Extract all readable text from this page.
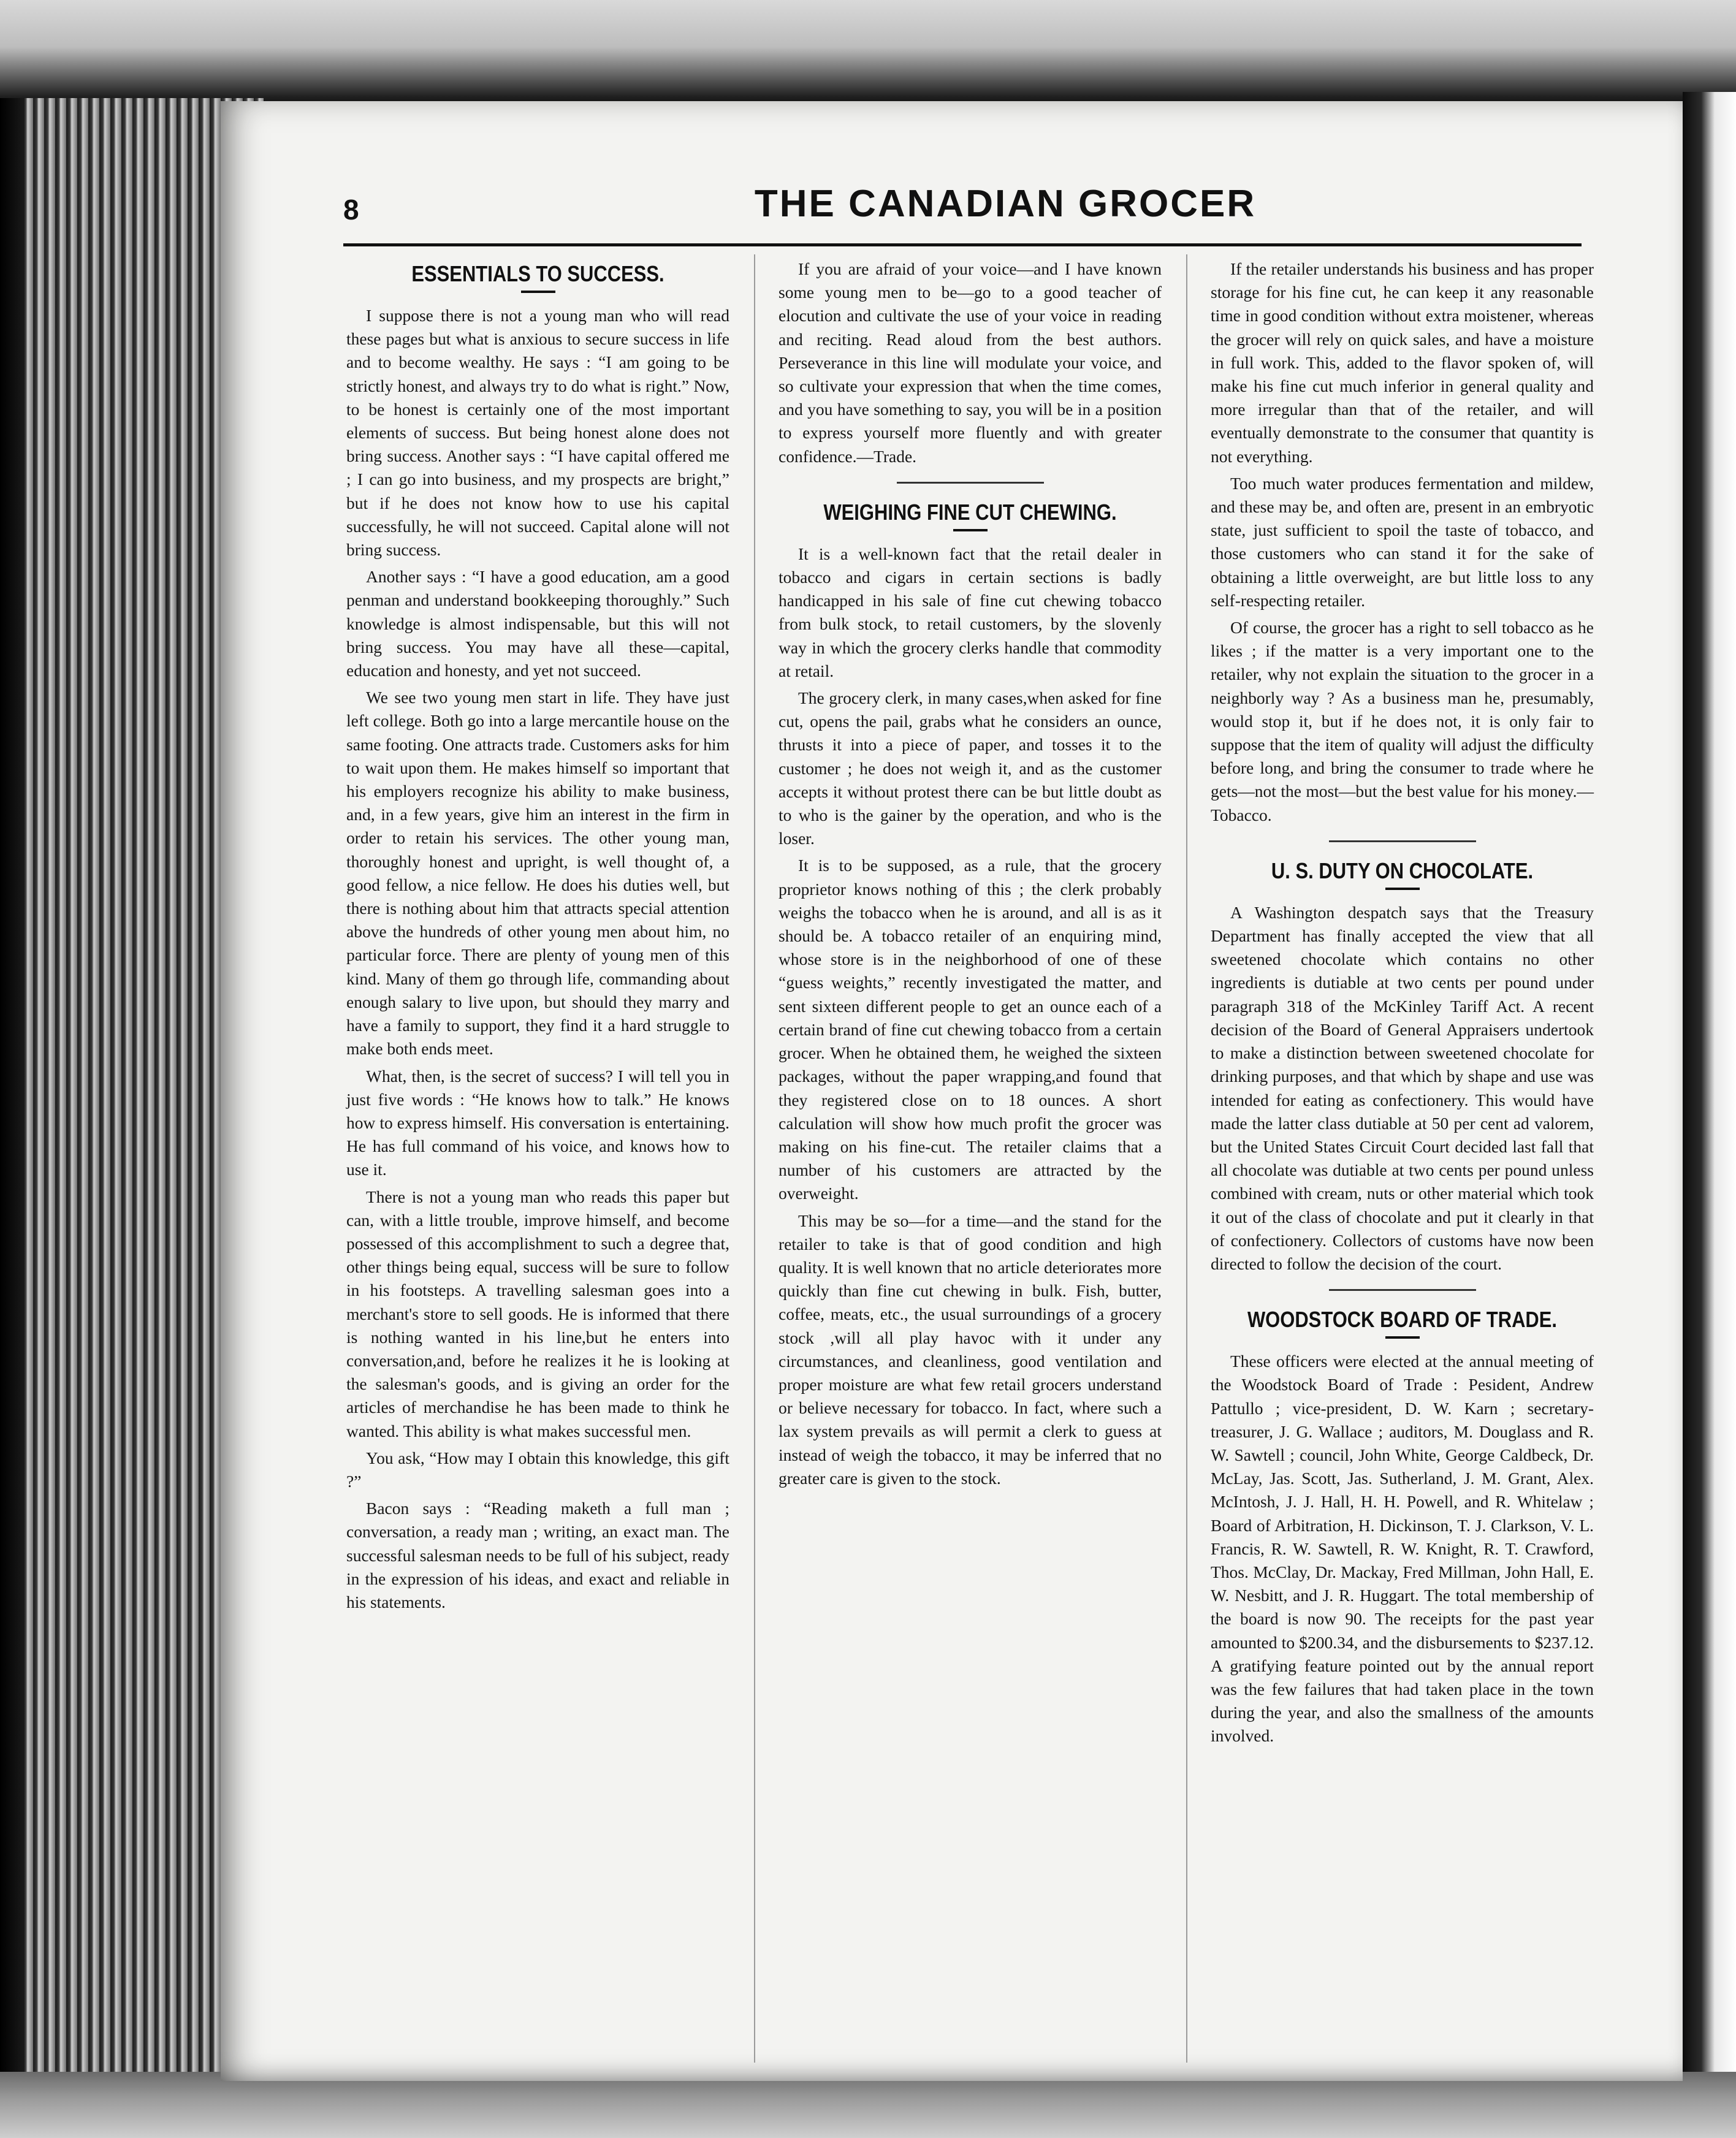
8	THE CANADIAN GROCER
ESSENTIALS TO SUCCESS.

I suppose there is not a young man who will read these pages but what is anxious to secure success in life and to become wealthy. He says : “I am going to be strictly honest, and always try to do what is right.” Now, to be honest is certainly one of the most important elements of success. But being honest alone does not bring success. Another says : “I have capital offered me ; I can go into business, and my prospects are bright,” but if he does not know how to use his capital successfully, he will not succeed. Capital alone will not bring success.

Another says : “I have a good education, am a good penman and understand bookkeeping thoroughly.” Such knowledge is almost indispensable, but this will not bring success. You may have all these—capital, education and honesty, and yet not succeed.

We see two young men start in life. They have just left college. Both go into a large mercantile house on the same footing. One attracts trade. Customers asks for him to wait upon them. He makes himself so important that his employers recognize his ability to make business, and, in a few years, give him an interest in the firm in order to retain his services. The other young man, thoroughly honest and upright, is well thought of, a good fellow, a nice fellow. He does his duties well, but there is nothing about him that attracts special attention above the hundreds of other young men about him, no particular force. There are plenty of young men of this kind. Many of them go through life, commanding about enough salary to live upon, but should they marry and have a family to support, they find it a hard struggle to make both ends meet.

What, then, is the secret of success? I will tell you in just five words : “He knows how to talk.” He knows how to express himself. His conversation is entertaining. He has full command of his voice, and knows how to use it.

There is not a young man who reads this paper but can, with a little trouble, improve himself, and become possessed of this accomplishment to such a degree that, other things being equal, success will be sure to follow in his footsteps. A travelling salesman goes into a merchant's store to sell goods. He is informed that there is nothing wanted in his line,but he enters into conversation,and, before he realizes it he is looking at the salesman's goods, and is giving an order for the articles of merchandise he has been made to think he wanted. This ability is what makes successful men.

You ask, “How may I obtain this knowledge, this gift ?”

Bacon says : “Reading maketh a full man ; conversation, a ready man ; writing, an exact man. The successful salesman needs to be full of his subject, ready in the expression of his ideas, and exact and reliable in his statements.

If you are afraid of your voice—and I have known some young men to be—go to a good teacher of elocution and cultivate the use of your voice in reading and reciting. Read aloud from the best authors. Perseverance in this line will modulate your voice, and so cultivate your expression that when the time comes, and you have something to say, you will be in a position to express yourself more fluently and with greater confidence.—Trade.

WEIGHING FINE CUT CHEWING.

It is a well-known fact that the retail dealer in tobacco and cigars in certain sections is badly handicapped in his sale of fine cut chewing tobacco from bulk stock, to retail customers, by the slovenly way in which the grocery clerks handle that commodity at retail.

The grocery clerk, in many cases,when asked for fine cut, opens the pail, grabs what he considers an ounce, thrusts it into a piece of paper, and tosses it to the customer ; he does not weigh it, and as the customer accepts it without protest there can be but little doubt as to who is the gainer by the operation, and who is the loser.

It is to be supposed, as a rule, that the grocery proprietor knows nothing of this ; the clerk probably weighs the tobacco when he is around, and all is as it should be. A tobacco retailer of an enquiring mind, whose store is in the neighborhood of one of these “guess weights,” recently investigated the matter, and sent sixteen different people to get an ounce each of a certain brand of fine cut chewing tobacco from a certain grocer. When he obtained them, he weighed the sixteen packages, without the paper wrapping,and found that they registered close on to 18 ounces. A short calculation will show how much profit the grocer was making on his fine-cut. The retailer claims that a number of his customers are attracted by the overweight.

This may be so—for a time—and the stand for the retailer to take is that of good condition and high quality. It is well known that no article deteriorates more quickly than fine cut chewing in bulk. Fish, butter, coffee, meats, etc., the usual surroundings of a grocery stock ,will all play havoc with it under any circumstances, and cleanliness, good ventilation and proper moisture are what few retail grocers understand or believe necessary for tobacco. In fact, where such a lax system prevails as will permit a clerk to guess at instead of weigh the tobacco, it may be inferred that no greater care is given to the stock.

If the retailer understands his business and has proper storage for his fine cut, he can keep it any reasonable time in good condition without extra moistener, whereas the grocer will rely on quick sales, and have a moisture in full work. This, added to the flavor spoken of, will make his fine cut much inferior in general quality and more irregular than that of the retailer, and will eventually demonstrate to the consumer that quantity is not everything.

Too much water produces fermentation and mildew, and these may be, and often are, present in an embryotic state, just sufficient to spoil the taste of tobacco, and those customers who can stand it for the sake of obtaining a little overweight, are but little loss to any self-respecting retailer.

Of course, the grocer has a right to sell tobacco as he likes ; if the matter is a very important one to the retailer, why not explain the situation to the grocer in a neighborly way ? As a business man he, presumably, would stop it, but if he does not, it is only fair to suppose that the item of quality will adjust the difficulty before long, and bring the consumer to trade where he gets—not the most—but the best value for his money.—Tobacco.

U. S. DUTY ON CHOCOLATE.

A Washington despatch says that the Treasury Department has finally accepted the view that all sweetened chocolate which contains no other ingredients is dutiable at two cents per pound under paragraph 318 of the McKinley Tariff Act. A recent decision of the Board of General Appraisers undertook to make a distinction between sweetened chocolate for drinking purposes, and that which by shape and use was intended for eating as confectionery. This would have made the latter class dutiable at 50 per cent ad valorem, but the United States Circuit Court decided last fall that all chocolate was dutiable at two cents per pound unless combined with cream, nuts or other material which took it out of the class of chocolate and put it clearly in that of confectionery. Collectors of customs have now been directed to follow the decision of the court.

WOODSTOCK BOARD OF TRADE.

These officers were elected at the annual meeting of the Woodstock Board of Trade : Pesident, Andrew Pattullo ; vice-president, D. W. Karn ; secretary-treasurer, J. G. Wallace ; auditors, M. Douglass and R. W. Sawtell ; council, John White, George Caldbeck, Dr. McLay, Jas. Scott, Jas. Sutherland, J. M. Grant, Alex. McIntosh, J. J. Hall, H. H. Powell, and R. Whitelaw ; Board of Arbitration, H. Dickinson, T. J. Clarkson, V. L. Francis, R. W. Sawtell, R. W. Knight, R. T. Crawford, Thos. McClay, Dr. Mackay, Fred Millman, John Hall, E. W. Nesbitt, and J. R. Huggart. The total membership of the board is now 90. The receipts for the past year amounted to $200.34, and the disbursements to $237.12. A gratifying feature pointed out by the annual report was the few failures that had taken place in the town during the year, and also the smallness of the amounts involved.
